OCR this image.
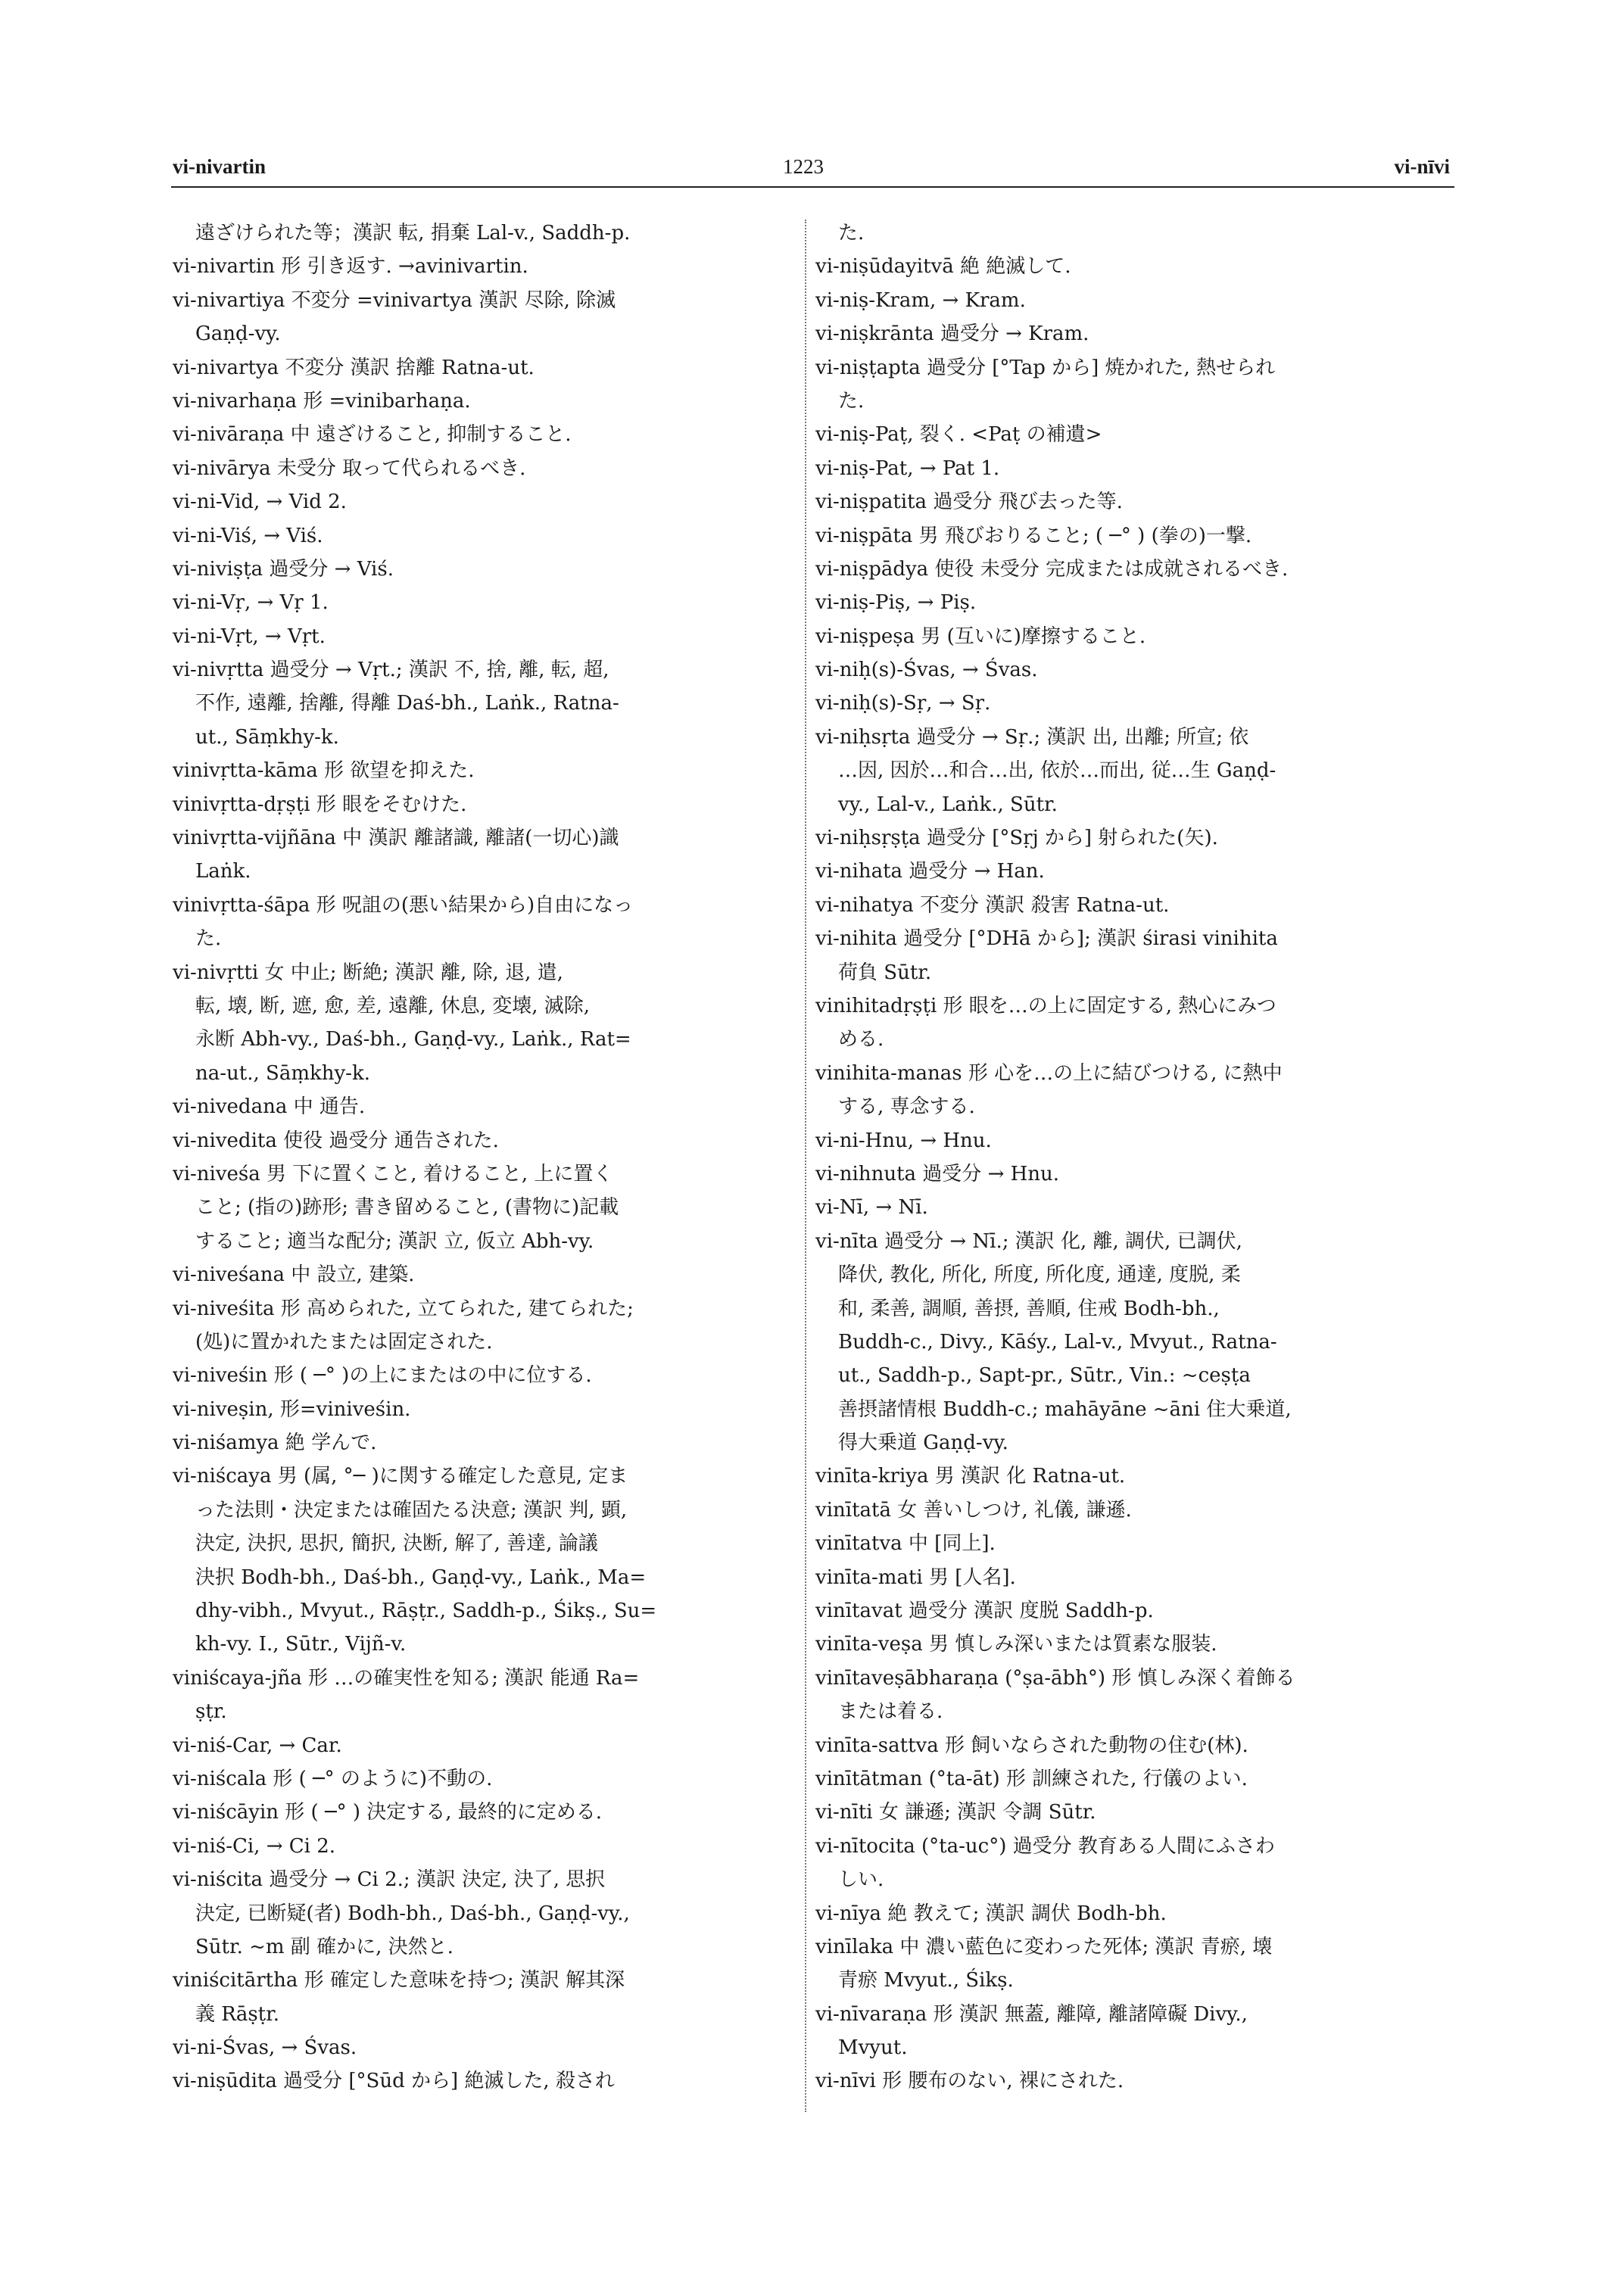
vi-nivartin	1223	vi-nīvi
遠ざけられた等；漢訳 転, 捐棄 Lal-v., Saddh-p.
vi-nivartin 形 引き返す. →avinivartin.
vi-nivartiya 不変分 =vinivartya 漢訳 尽除, 除滅
Gaṇḍ-vy.
vi-nivartya 不変分 漢訳 捨離 Ratna-ut.
vi-nivarhaṇa 形 =vinibarhaṇa.
vi-nivāraṇa 中 遠ざけること, 抑制すること.
vi-nivārya 未受分 取って代られるべき.
vi-ni-Vid, → Vid 2.
vi-ni-Viś, → Viś.
vi-niviṣṭa 過受分 → Viś.
vi-ni-Vṛ, → Vṛ 1.
vi-ni-Vṛt, → Vṛt.
vi-nivṛtta 過受分 → Vṛt.; 漢訳 不, 捨, 離, 転, 超,
不作, 遠離, 捨離, 得離 Daś-bh., Laṅk., Ratna-
ut., Sāṃkhy-k.
vinivṛtta-kāma 形 欲望を抑えた.
vinivṛtta-dṛṣṭi 形 眼をそむけた.
vinivṛtta-vijñāna 中 漢訳 離諸識, 離諸(一切心)識
Laṅk.
vinivṛtta-śāpa 形 呪詛の(悪い結果から)自由になっ
た.
vi-nivṛtti 女 中止; 断絶; 漢訳 離, 除, 退, 遣,
転, 壊, 断, 遮, 愈, 差, 遠離, 休息, 変壊, 滅除,
永断 Abh-vy., Daś-bh., Gaṇḍ-vy., Laṅk., Rat=
na-ut., Sāṃkhy-k.
vi-nivedana 中 通告.
vi-nivedita 使役 過受分 通告された.
vi-niveśa 男 下に置くこと, 着けること, 上に置く
こと; (指の)跡形; 書き留めること, (書物に)記載
すること; 適当な配分; 漢訳 立, 仮立 Abh-vy.
vi-niveśana 中 設立, 建築.
vi-niveśita 形 高められた, 立てられた, 建てられた;
(処)に置かれたまたは固定された.
vi-niveśin 形 ( ─° )の上にまたはの中に位する.
vi-niveṣin, 形=viniveśin.
vi-niśamya 絶 学んで.
vi-niścaya 男 (属, °─ )に関する確定した意見, 定ま
った法則・決定または確固たる決意; 漢訳 判, 顕,
決定, 決択, 思択, 簡択, 決断, 解了, 善達, 論議
決択 Bodh-bh., Daś-bh., Gaṇḍ-vy., Laṅk., Ma=
dhy-vibh., Mvyut., Rāṣṭr., Saddh-p., Śikṣ., Su=
kh-vy. I., Sūtr., Vijñ-v.
viniścaya-jña 形 …の確実性を知る; 漢訳 能通 Ra=
ṣṭr.
vi-niś-Car, → Car.
vi-niścala 形 ( ─° のように)不動の.
vi-niścāyin 形 ( ─° ) 決定する, 最終的に定める.
vi-niś-Ci, → Ci 2.
vi-niścita 過受分 → Ci 2.; 漢訳 決定, 決了, 思択
決定, 已断疑(者) Bodh-bh., Daś-bh., Gaṇḍ-vy.,
Sūtr. ~m 副 確かに, 決然と.
viniścitārtha 形 確定した意味を持つ; 漢訳 解其深
義 Rāṣṭr.
vi-ni-Śvas, → Śvas.
vi-niṣūdita 過受分 [°Sūd から] 絶滅した, 殺され
た.
vi-niṣūdayitvā 絶 絶滅して.
vi-niṣ-Kram, → Kram.
vi-niṣkrānta 過受分 → Kram.
vi-niṣṭapta 過受分 [°Tap から] 焼かれた, 熱せられ
た.
vi-niṣ-Paṭ, 裂く. <Paṭ の補遺>
vi-niṣ-Pat, → Pat 1.
vi-niṣpatita 過受分 飛び去った等.
vi-niṣpāta 男 飛びおりること; ( ─° ) (拳の)一撃.
vi-niṣpādya 使役 未受分 完成または成就されるべき.
vi-niṣ-Piṣ, → Piṣ.
vi-niṣpeṣa 男 (互いに)摩擦すること.
vi-niḥ(s)-Śvas, → Śvas.
vi-niḥ(s)-Sṛ, → Sṛ.
vi-niḥsṛta 過受分 → Sṛ.; 漢訳 出, 出離; 所宣; 依
…因, 因於…和合…出, 依於…而出, 従…生 Gaṇḍ-
vy., Lal-v., Laṅk., Sūtr.
vi-niḥsṛṣṭa 過受分 [°Sṛj から] 射られた(矢).
vi-nihata 過受分 → Han.
vi-nihatya 不変分 漢訳 殺害 Ratna-ut.
vi-nihita 過受分 [°DHā から]; 漢訳 śirasi vinihita
荷負 Sūtr.
vinihitadṛṣṭi 形 眼を…の上に固定する, 熱心にみつ
める.
vinihita-manas 形 心を…の上に結びつける, に熱中
する, 専念する.
vi-ni-Hnu, → Hnu.
vi-nihnuta 過受分 → Hnu.
vi-Nī, → Nī.
vi-nīta 過受分 → Nī.; 漢訳 化, 離, 調伏, 已調伏,
降伏, 教化, 所化, 所度, 所化度, 通達, 度脱, 柔
和, 柔善, 調順, 善摂, 善順, 住戒 Bodh-bh.,
Buddh-c., Divy., Kāśy., Lal-v., Mvyut., Ratna-
ut., Saddh-p., Sapt-pr., Sūtr., Vin.: ~ceṣṭa
善摂諸情根 Buddh-c.; mahāyāne ~āni 住大乗道,
得大乗道 Gaṇḍ-vy.
vinīta-kriya 男 漢訳 化 Ratna-ut.
vinītatā 女 善いしつけ, 礼儀, 謙遜.
vinītatva 中 [同上].
vinīta-mati 男 [人名].
vinītavat 過受分 漢訳 度脱 Saddh-p.
vinīta-veṣa 男 慎しみ深いまたは質素な服装.
vinītaveṣābharaṇa (°ṣa-ābh°) 形 慎しみ深く着飾る
または着る.
vinīta-sattva 形 飼いならされた動物の住む(林).
vinītātman (°ta-āt) 形 訓練された, 行儀のよい.
vi-nīti 女 謙遜; 漢訳 令調 Sūtr.
vi-nītocita (°ta-uc°) 過受分 教育ある人間にふさわ
しい.
vi-nīya 絶 教えて; 漢訳 調伏 Bodh-bh.
vinīlaka 中 濃い藍色に変わった死体; 漢訳 青瘀, 壊
青瘀 Mvyut., Śikṣ.
vi-nīvaraṇa 形 漢訳 無蓋, 離障, 離諸障礙 Divy.,
Mvyut.
vi-nīvi 形 腰布のない, 裸にされた.
